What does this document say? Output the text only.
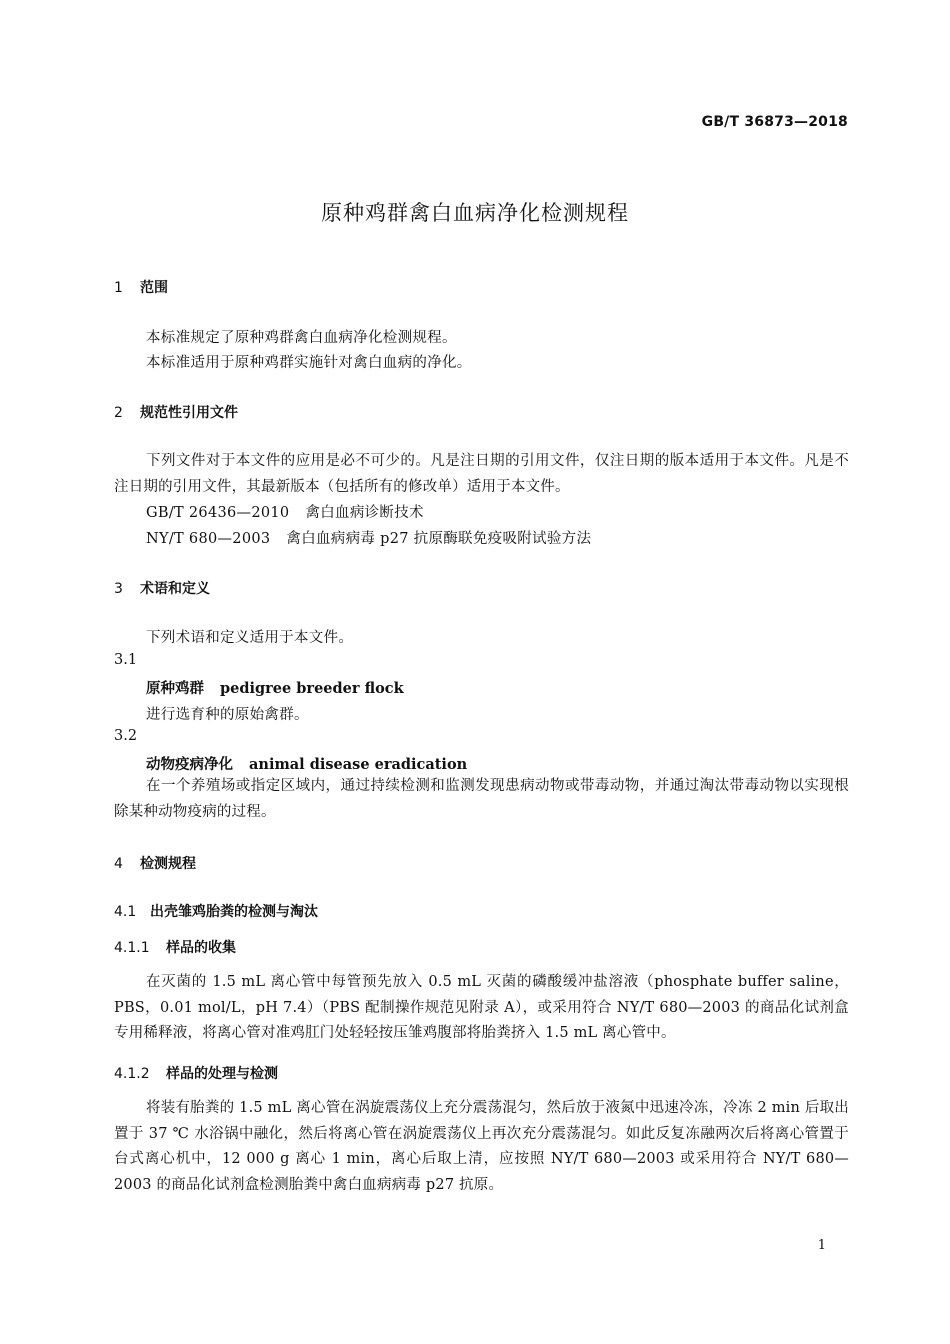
GB/T 36873—2018
原种鸡群禽白血病净化检测规程
1 范围
本标准规定了原种鸡群禽白血病净化检测规程。
本标准适用于原种鸡群实施针对禽白血病的净化。
2 规范性引用文件
下列文件对于本文件的应用是必不可少的。凡是注日期的引用文件，仅注日期的版本适用于本文件。凡是不注日期的引用文件，其最新版本（包括所有的修改单）适用于本文件。
GB/T 26436—2010 禽白血病诊断技术
NY/T 680—2003 禽白血病病毒 p27 抗原酶联免疫吸附试验方法
3 术语和定义
下列术语和定义适用于本文件。
3.1
原种鸡群 pedigree breeder flock
进行选育种的原始禽群。
3.2
动物疫病净化 animal disease eradication
在一个养殖场或指定区域内，通过持续检测和监测发现患病动物或带毒动物，并通过淘汰带毒动物以实现根除某种动物疫病的过程。
4 检测规程
4.1 出壳雏鸡胎粪的检测与淘汰
4.1.1 样品的收集
在灭菌的 1.5 mL 离心管中每管预先放入 0.5 mL 灭菌的磷酸缓冲盐溶液（phosphate buffer saline，PBS，0.01 mol/L，pH 7.4）（PBS 配制操作规范见附录 A），或采用符合 NY/T 680—2003 的商品化试剂盒专用稀释液，将离心管对准鸡肛门处轻轻按压雏鸡腹部将胎粪挤入 1.5 mL 离心管中。
4.1.2 样品的处理与检测
将装有胎粪的 1.5 mL 离心管在涡旋震荡仪上充分震荡混匀，然后放于液氮中迅速冷冻，冷冻 2 min 后取出置于 37 ℃ 水浴锅中融化，然后将离心管在涡旋震荡仪上再次充分震荡混匀。如此反复冻融两次后将离心管置于台式离心机中，12 000 g 离心 1 min，离心后取上清，应按照 NY/T 680—2003 或采用符合 NY/T 680—2003 的商品化试剂盒检测胎粪中禽白血病病毒 p27 抗原。
1
